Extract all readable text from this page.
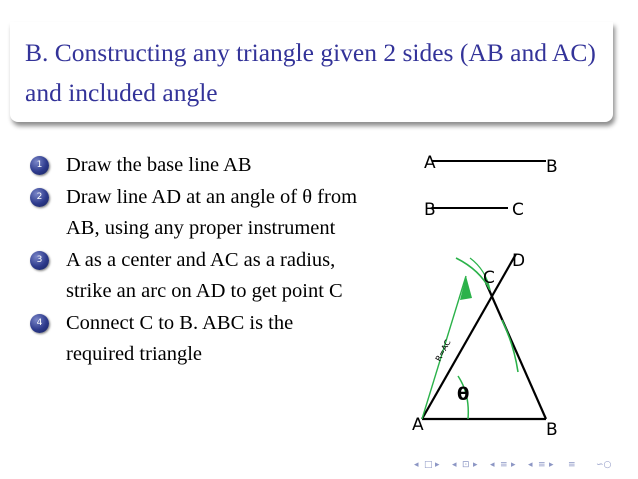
B. Constructing any triangle given 2 sides (AB and AC) and included angle
1	Draw the base line AB
2	Draw line AD at an angle of θ from AB, using any proper instrument
3	A as a center and AC as a radius, strike an arc on AD to get point C
4	Connect C to B. ABC is the required triangle
A	B
B	C
A	B
C
D
θ
R=AC
◂ □ ▸ ◂ ⊡ ▸ ◂ ≡ ▸ ◂ ≡ ▸ ≡ ∽○
